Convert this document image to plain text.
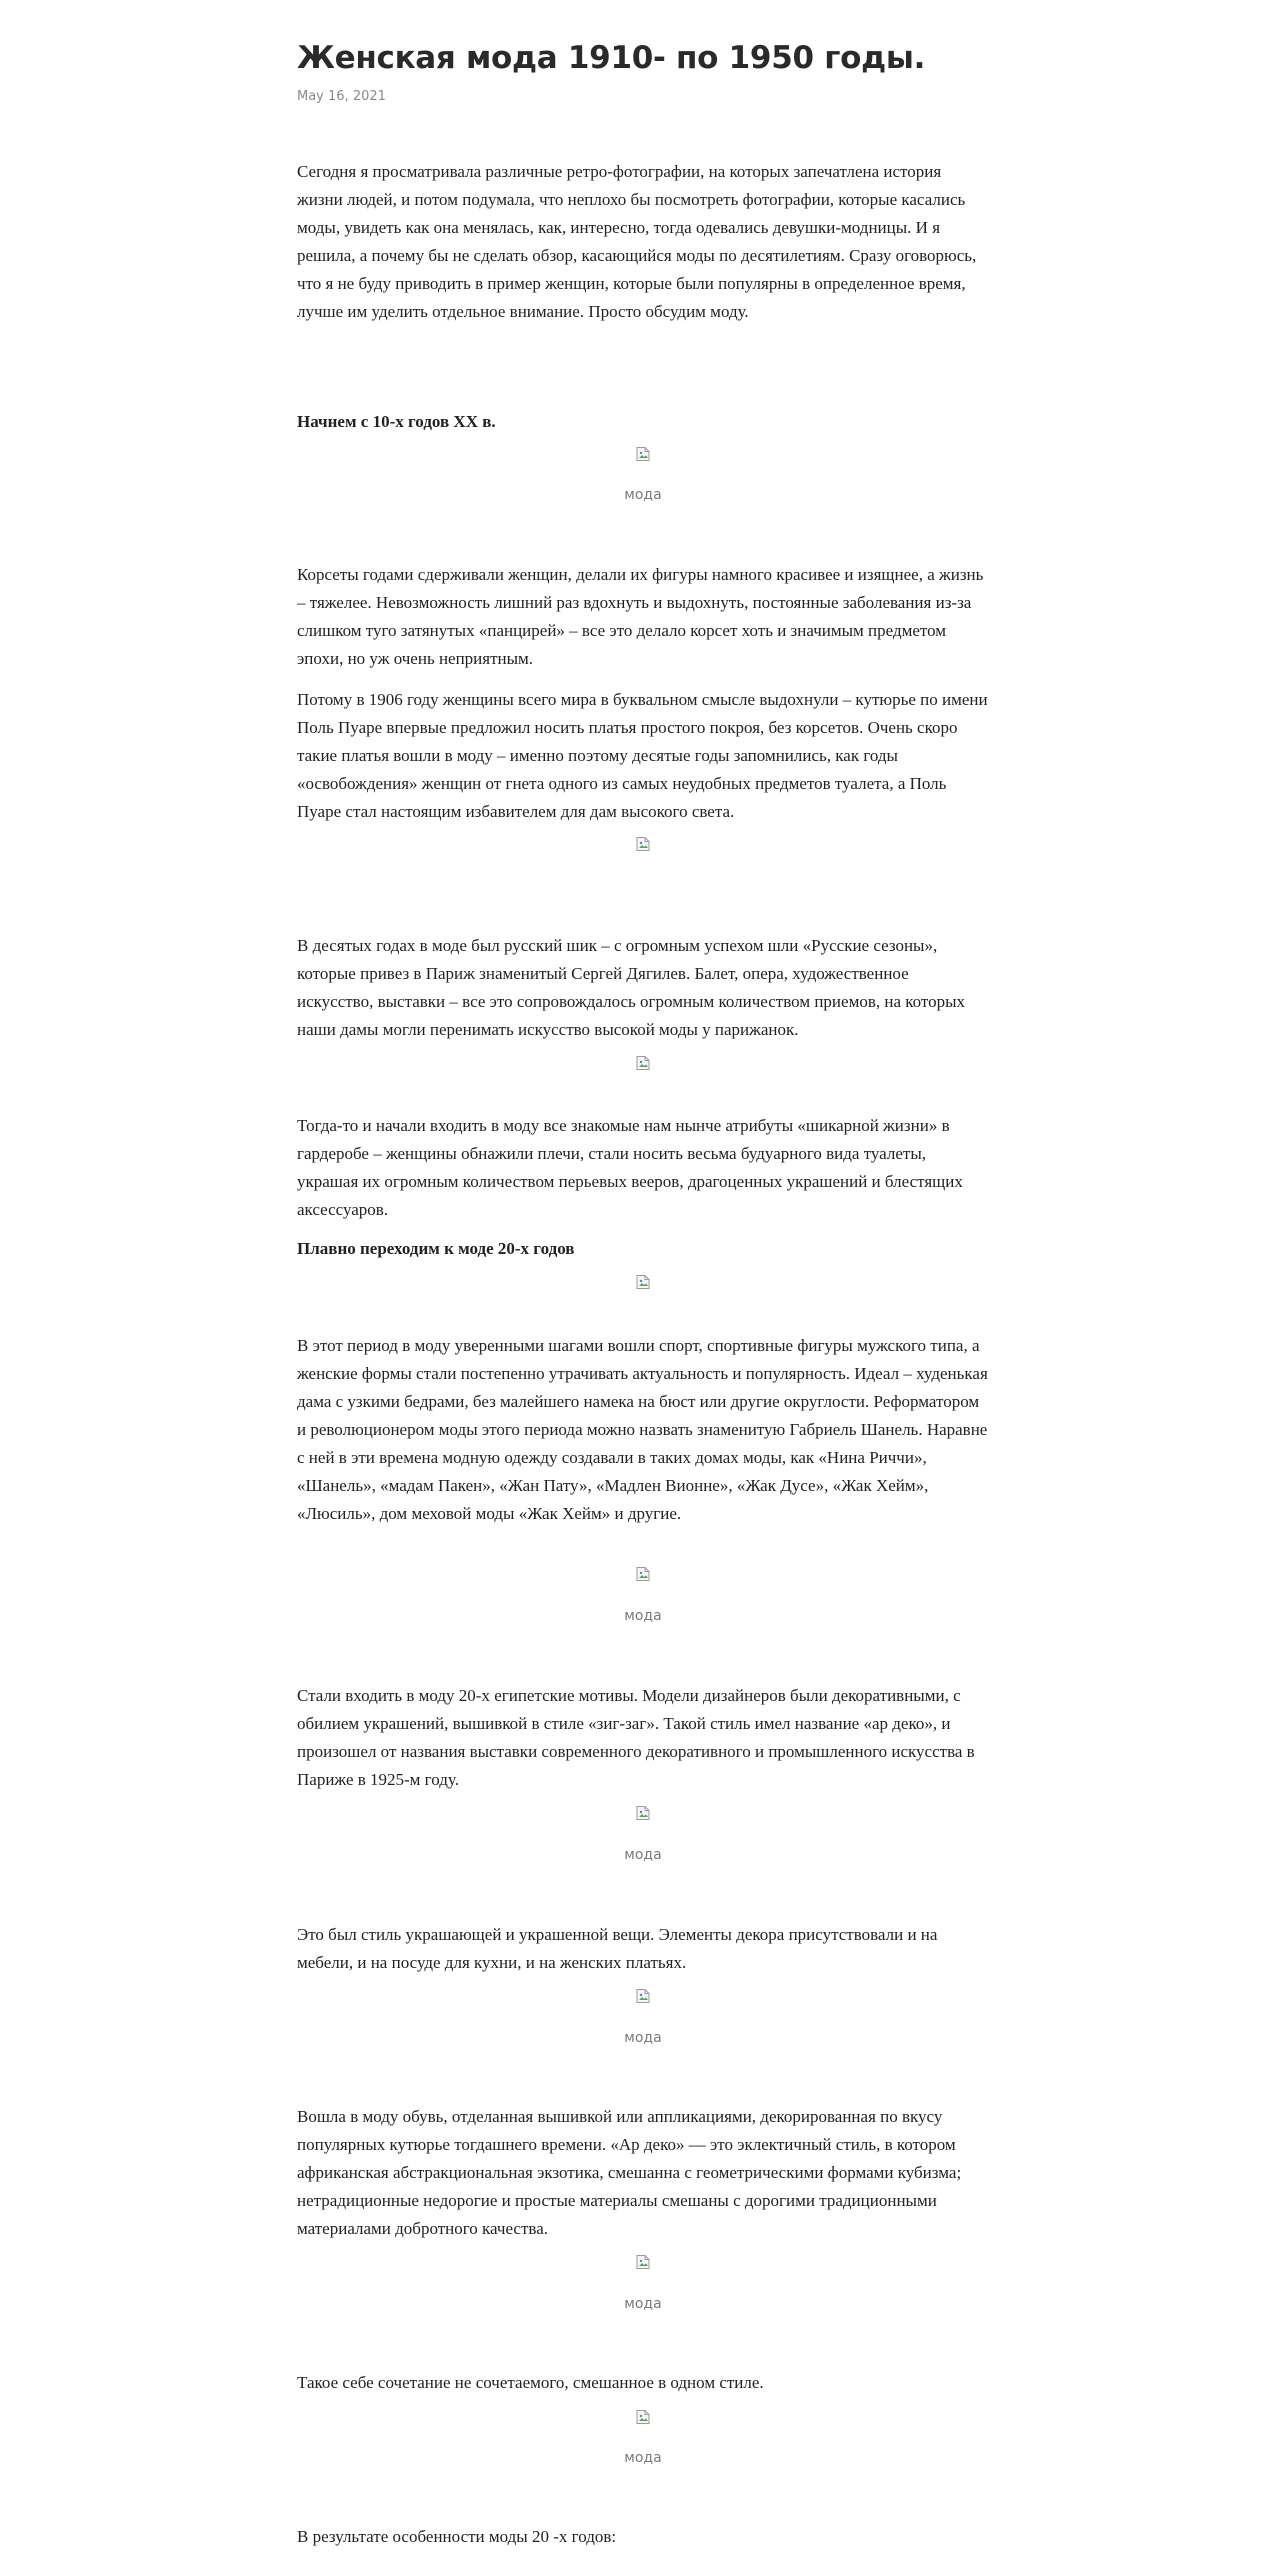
Женская мода 1910- по 1950 годы.
May 16, 2021

Сегодня я просматривала различные ретро-фотографии, на которых запечатлена история жизни людей, и потом подумала, что неплохо бы посмотреть фотографии, которые касались моды, увидеть как она менялась, как, интересно, тогда одевались девушки-модницы. И я решила, а почему бы не сделать обзор, касающийся моды по десятилетиям. Сразу оговорюсь, что я не буду приводить в пример женщин, которые были популярны в определенное время, лучше им уделить отдельное внимание. Просто обсудим моду.

Начнем с 10-х годов XX в.

мода

Корсеты годами сдерживали женщин, делали их фигуры намного красивее и изящнее, а жизнь – тяжелее. Невозможность лишний раз вдохнуть и выдохнуть, постоянные заболевания из-за слишком туго затянутых «панцирей» – все это делало корсет хоть и значимым предметом эпохи, но уж очень неприятным.

Потому в 1906 году женщины всего мира в буквальном смысле выдохнули – кутюрье по имени Поль Пуаре впервые предложил носить платья простого покроя, без корсетов. Очень скоро такие платья вошли в моду – именно поэтому десятые годы запомнились, как годы «освобождения» женщин от гнета одного из самых неудобных предметов туалета, а Поль Пуаре стал настоящим избавителем для дам высокого света.

В десятых годах в моде был русский шик – с огромным успехом шли «Русские сезоны», которые привез в Париж знаменитый Сергей Дягилев. Балет, опера, художественное искусство, выставки – все это сопровождалось огромным количеством приемов, на которых наши дамы могли перенимать искусство высокой моды у парижанок.

Тогда-то и начали входить в моду все знакомые нам нынче атрибуты «шикарной жизни» в гардеробе – женщины обнажили плечи, стали носить весьма будуарного вида туалеты, украшая их огромным количеством перьевых вееров, драгоценных украшений и блестящих аксессуаров.

Плавно переходим к моде 20-х годов

В этот период в моду уверенными шагами вошли спорт, спортивные фигуры мужского типа, а женские формы стали постепенно утрачивать актуальность и популярность. Идеал – худенькая дама с узкими бедрами, без малейшего намека на бюст или другие округлости. Реформатором и революционером моды этого периода можно назвать знаменитую Габриель Шанель. Наравне с ней в эти времена модную одежду создавали в таких домах моды, как «Нина Риччи», «Шанель», «мадам Пакен», «Жан Пату», «Мадлен Вионне», «Жак Дусе», «Жак Хейм», «Люсиль», дом меховой моды «Жак Хейм» и другие.

мода

Стали входить в моду 20-х египетские мотивы. Модели дизайнеров были декоративными, с обилием украшений, вышивкой в стиле «зиг-заг». Такой стиль имел название «ар деко», и произошел от названия выставки современного декоративного и промышленного искусства в Париже в 1925-м году.

мода

Это был стиль украшающей и украшенной вещи. Элементы декора присутствовали и на мебели, и на посуде для кухни, и на женских платьях.

мода

Вошла в моду обувь, отделанная вышивкой или аппликациями, декорированная по вкусу популярных кутюрье тогдашнего времени. «Ар деко» — это эклектичный стиль, в котором африканская абстракциональная экзотика, смешанна с геометрическими формами кубизма; нетрадиционные недорогие и простые материалы смешаны с дорогими традиционными материалами добротного качества.

мода

Такое себе сочетание не сочетаемого, смешанное в одном стиле.

мода

В результате особенности моды 20 -х годов:
